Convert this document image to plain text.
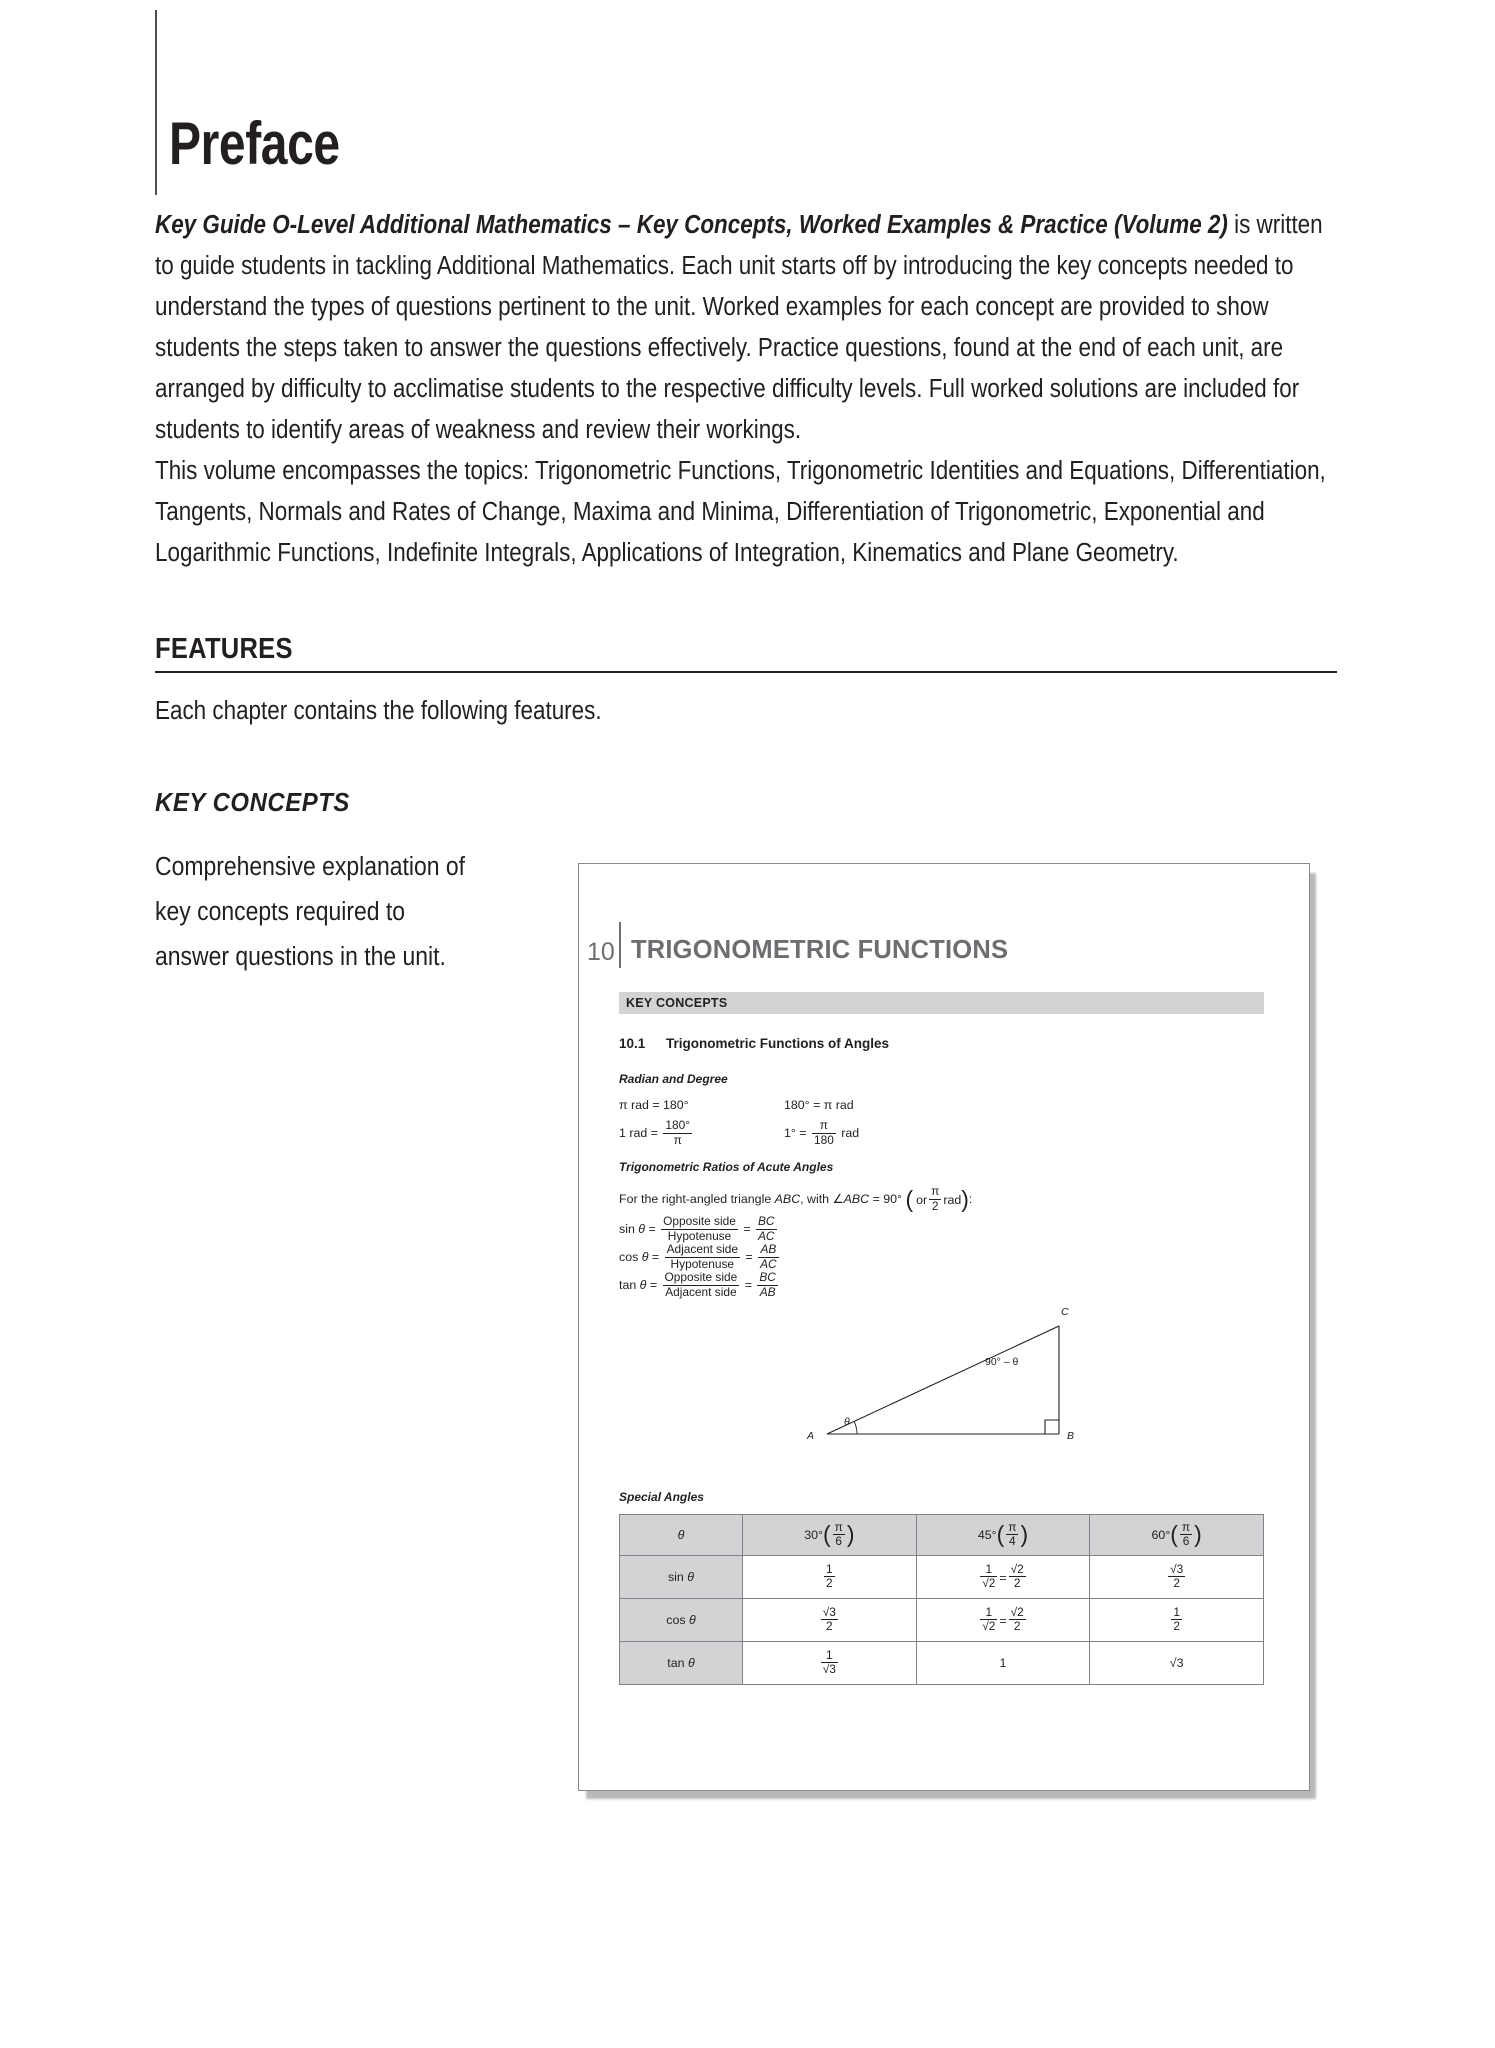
Preface
Key Guide O-Level Additional Mathematics – Key Concepts, Worked Examples & Practice (Volume 2) is written to guide students in tackling Additional Mathematics. Each unit starts off by introducing the key concepts needed to understand the types of questions pertinent to the unit. Worked examples for each concept are provided to show students the steps taken to answer the questions effectively. Practice questions, found at the end of each unit, are arranged by difficulty to acclimatise students to the respective difficulty levels. Full worked solutions are included for students to identify areas of weakness and review their workings.
This volume encompasses the topics: Trigonometric Functions, Trigonometric Identities and Equations, Differentiation, Tangents, Normals and Rates of Change, Maxima and Minima, Differentiation of Trigonometric, Exponential and Logarithmic Functions, Indefinite Integrals, Applications of Integration, Kinematics and Plane Geometry.
FEATURES
Each chapter contains the following features.
KEY CONCEPTS
Comprehensive explanation of key concepts required to answer questions in the unit.	10 TRIGONOMETRIC FUNCTIONS
KEY CONCEPTS
10.1 Trigonometric Functions of Angles
Radian and Degree
π rad = 180°
1 rad = $\frac{180^\circ}{\pi}$
180° = π rad
$1^\circ = \frac{\pi}{180}$ rad
Trigonometric Ratios of Acute Angles
For the right-angled triangle ABC, with ∠ABC = 90° ( or $\frac{\pi}{2}$ rad ) :
$\sin \theta = \frac{\text{Opposite side}}{\text{Hypotenuse}} = \frac{BC}{AC}$
$\cos \theta = \frac{\text{Adjacent side}}{\text{Hypotenuse}} = \frac{AB}{AC}$
$\tan \theta = \frac{\text{Opposite side}}{\text{Adjacent side}} = \frac{BC}{AB}$
A	B
C
θ
90° – θ
Special Angles
θ	30° ( $\frac{\pi}{6}$ )	45° ( $\frac{\pi}{4}$ )	60° ( $\frac{\pi}{6}$ )

sin θ	$\frac{1}{2}$	$\frac{1}{√2} = \frac{√2}{2}$	$\frac{√3}{2}$

cos θ	$\frac{√3}{2}$	$\frac{1}{√2} = \frac{√2}{2}$	$\frac{1}{2}$

tan θ	$\frac{1}{√3}$	1	√3
